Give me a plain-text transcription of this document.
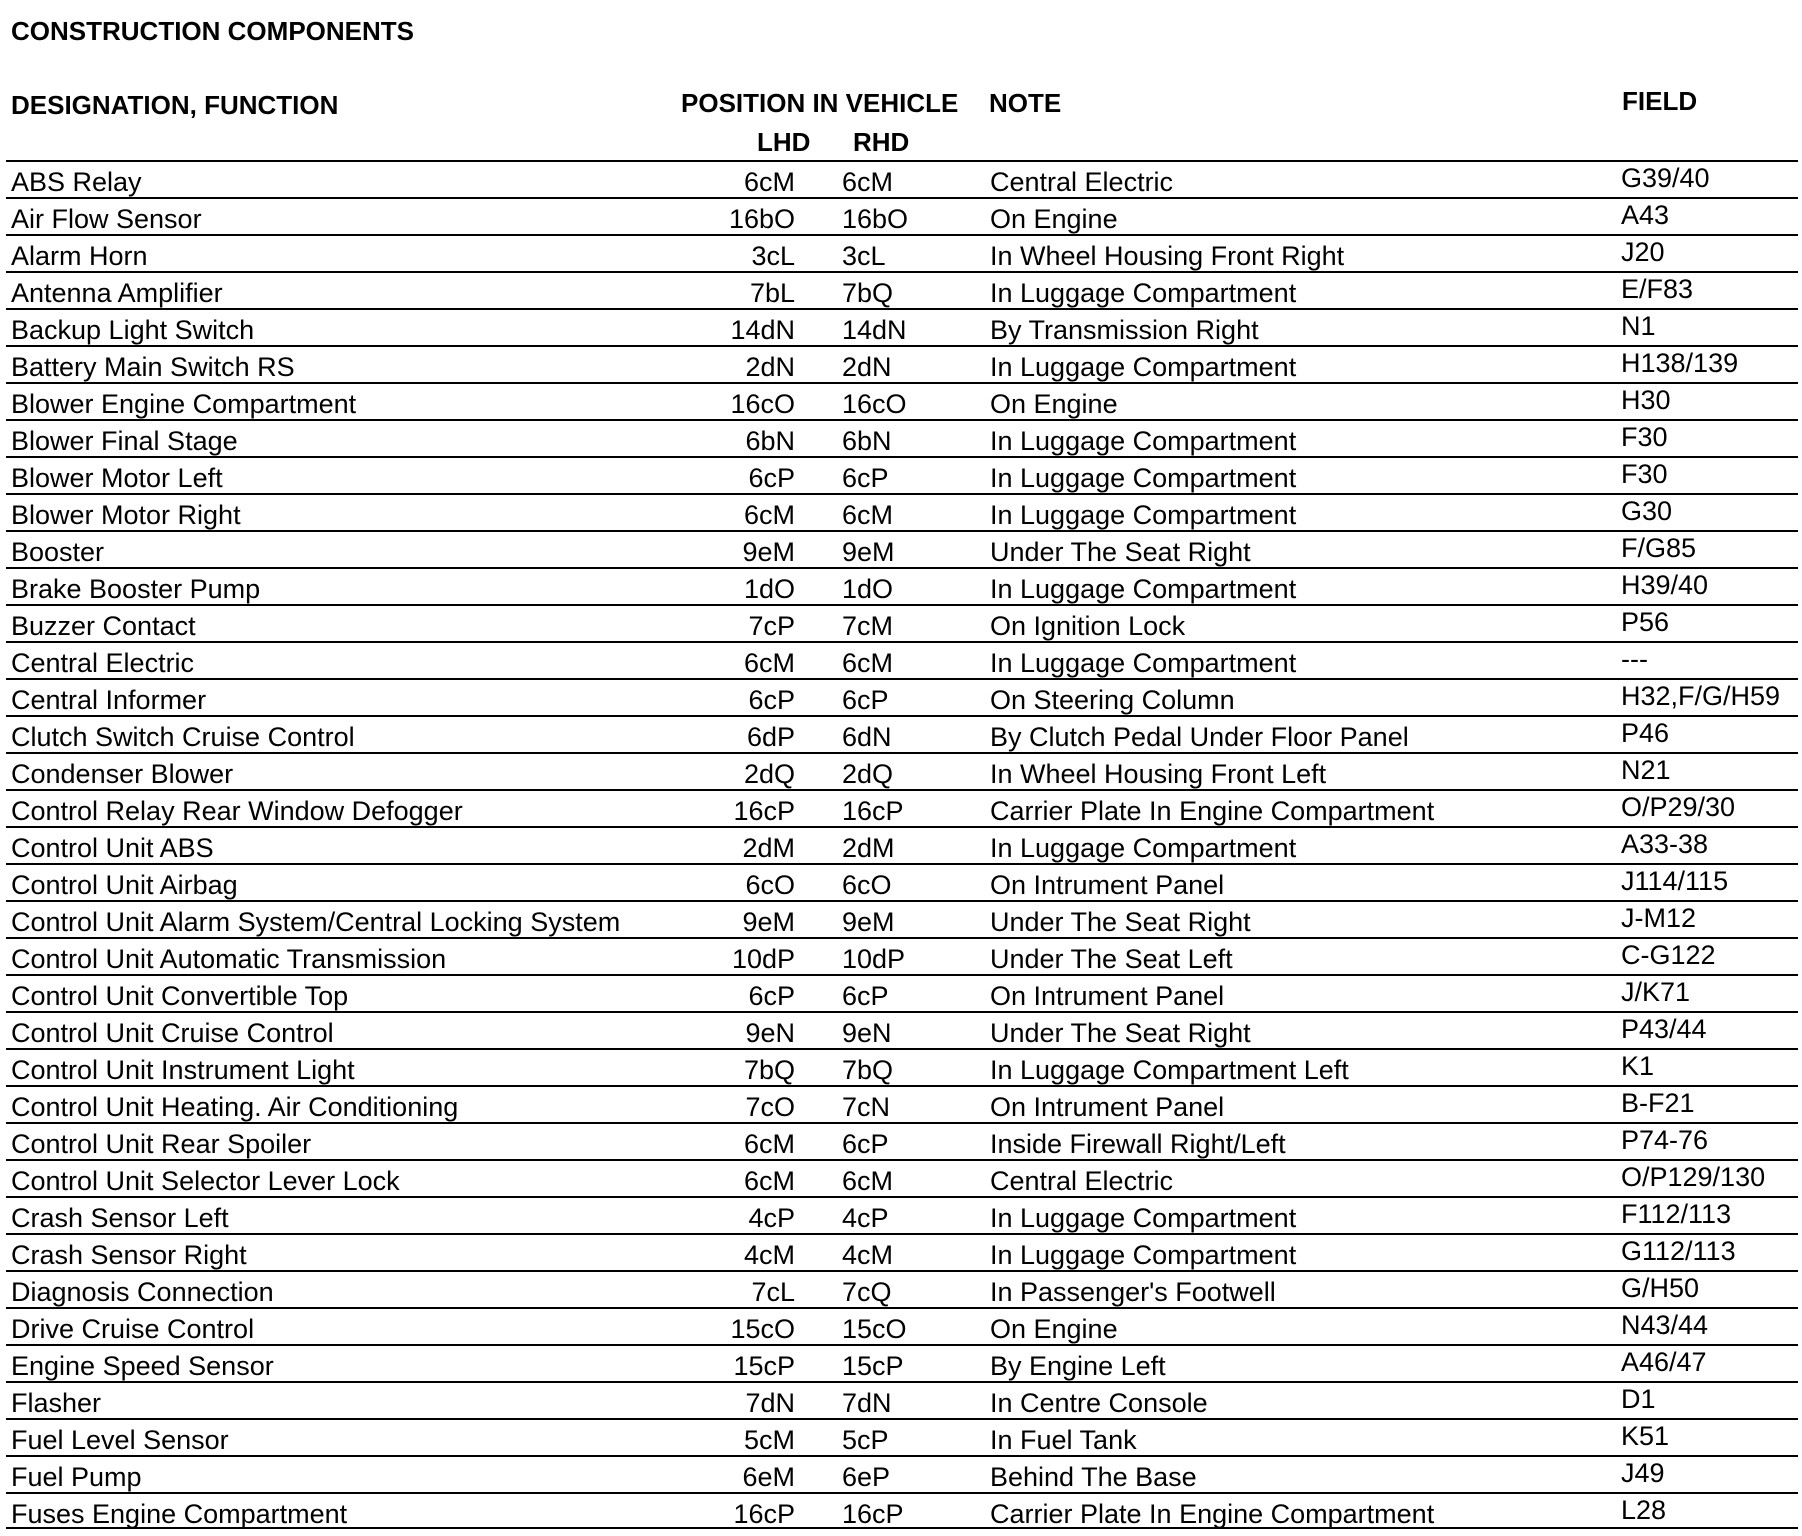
CONSTRUCTION COMPONENTS
DESIGNATION, FUNCTION	POSITION IN VEHICLE NOTE	FIELD
LHD RHD
ABS Relay	6cM 6cM	Central Electric	G39/40
Air Flow Sensor	16bO 16bO	On Engine	A43
Alarm Horn	3cL 3cL	In Wheel Housing Front Right	J20
Antenna Amplifier	7bL 7bQ	In Luggage Compartment	E/F83
Backup Light Switch	14dN 14dN	By Transmission Right	N1
Battery Main Switch RS	2dN 2dN	In Luggage Compartment	H138/139
Blower Engine Compartment	16cO 16cO	On Engine	H30
Blower Final Stage	6bN 6bN	In Luggage Compartment	F30
Blower Motor Left	6cP 6cP	In Luggage Compartment	F30
Blower Motor Right	6cM 6cM	In Luggage Compartment	G30
Booster	9eM 9eM	Under The Seat Right	F/G85
Brake Booster Pump	1dO 1dO	In Luggage Compartment	H39/40
Buzzer Contact	7cP 7cM	On Ignition Lock	P56
Central Electric	6cM 6cM	In Luggage Compartment	---
Central Informer	6cP 6cP	On Steering Column	H32,F/G/H59
Clutch Switch Cruise Control	6dP 6dN	By Clutch Pedal Under Floor Panel	P46
Condenser Blower	2dQ 2dQ	In Wheel Housing Front Left	N21
Control Relay Rear Window Defogger	16cP 16cP	Carrier Plate In Engine Compartment	O/P29/30
Control Unit ABS	2dM 2dM	In Luggage Compartment	A33-38
Control Unit Airbag	6cO 6cO	On Intrument Panel	J114/115
Control Unit Alarm System/Central Locking System	9eM 9eM	Under The Seat Right	J-M12
Control Unit Automatic Transmission	10dP 10dP	Under The Seat Left	C-G122
Control Unit Convertible Top	6cP 6cP	On Intrument Panel	J/K71
Control Unit Cruise Control	9eN 9eN	Under The Seat Right	P43/44
Control Unit Instrument Light	7bQ 7bQ	In Luggage Compartment Left	K1
Control Unit Heating. Air Conditioning	7cO 7cN	On Intrument Panel	B-F21
Control Unit Rear Spoiler	6cM 6cP	Inside Firewall Right/Left	P74-76
Control Unit Selector Lever Lock	6cM 6cM	Central Electric	O/P129/130
Crash Sensor Left	4cP 4cP	In Luggage Compartment	F112/113
Crash Sensor Right	4cM 4cM	In Luggage Compartment	G112/113
Diagnosis Connection	7cL 7cQ	In Passenger's Footwell	G/H50
Drive Cruise Control	15cO 15cO	On Engine	N43/44
Engine Speed Sensor	15cP 15cP	By Engine Left	A46/47
Flasher	7dN 7dN	In Centre Console	D1
Fuel Level Sensor	5cM 5cP	In Fuel Tank	K51
Fuel Pump	6eM 6eP	Behind The Base	J49
Fuses Engine Compartment	16cP 16cP	Carrier Plate In Engine Compartment	L28
